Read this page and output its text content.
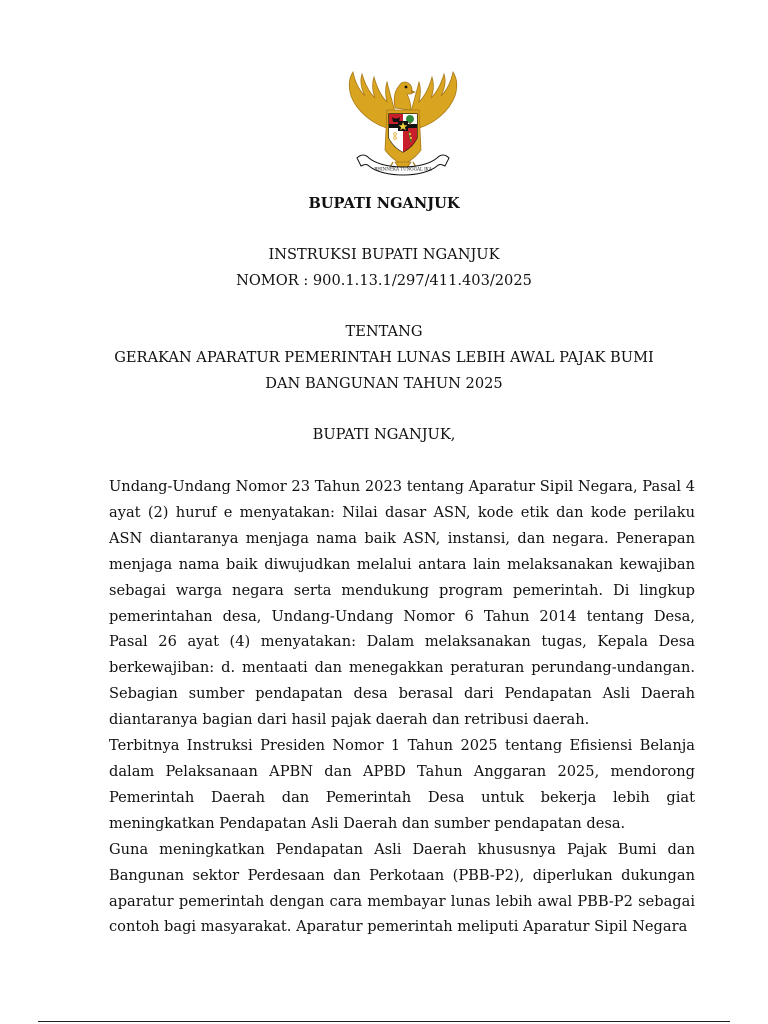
BHINNEKA TUNGGAL IKA
BUPATI NGANJUK
INSTRUKSI BUPATI NGANJUK
NOMOR : 900.1.13.1/297/411.403/2025
TENTANG
GERAKAN APARATUR PEMERINTAH LUNAS LEBIH AWAL PAJAK BUMI
DAN BANGUNAN TAHUN 2025
BUPATI NGANJUK,

Undang-Undang Nomor 23 Tahun 2023 tentang Aparatur Sipil Negara, Pasal 4 ayat (2) huruf e menyatakan: Nilai dasar ASN, kode etik dan kode perilaku ASN diantaranya menjaga nama baik ASN, instansi, dan negara. Penerapan menjaga nama baik diwujudkan melalui antara lain melaksanakan kewajiban sebagai warga negara serta mendukung program pemerintah. Di lingkup pemerintahan desa, Undang-Undang Nomor 6 Tahun 2014 tentang Desa, Pasal 26 ayat (4) menyatakan: Dalam melaksanakan tugas, Kepala Desa berkewajiban: d. mentaati dan menegakkan peraturan perundang-undangan. Sebagian sumber pendapatan desa berasal dari Pendapatan Asli Daerah diantaranya bagian dari hasil pajak daerah dan retribusi daerah.

Terbitnya Instruksi Presiden Nomor 1 Tahun 2025 tentang Efisiensi Belanja dalam Pelaksanaan APBN dan APBD Tahun Anggaran 2025, mendorong Pemerintah Daerah dan Pemerintah Desa untuk bekerja lebih giat meningkatkan Pendapatan Asli Daerah dan sumber pendapatan desa.

Guna meningkatkan Pendapatan Asli Daerah khususnya Pajak Bumi dan Bangunan sektor Perdesaan dan Perkotaan (PBB-P2), diperlukan dukungan aparatur pemerintah dengan cara membayar lunas lebih awal PBB-P2 sebagai contoh bagi masyarakat. Aparatur pemerintah meliputi Aparatur Sipil Negara
